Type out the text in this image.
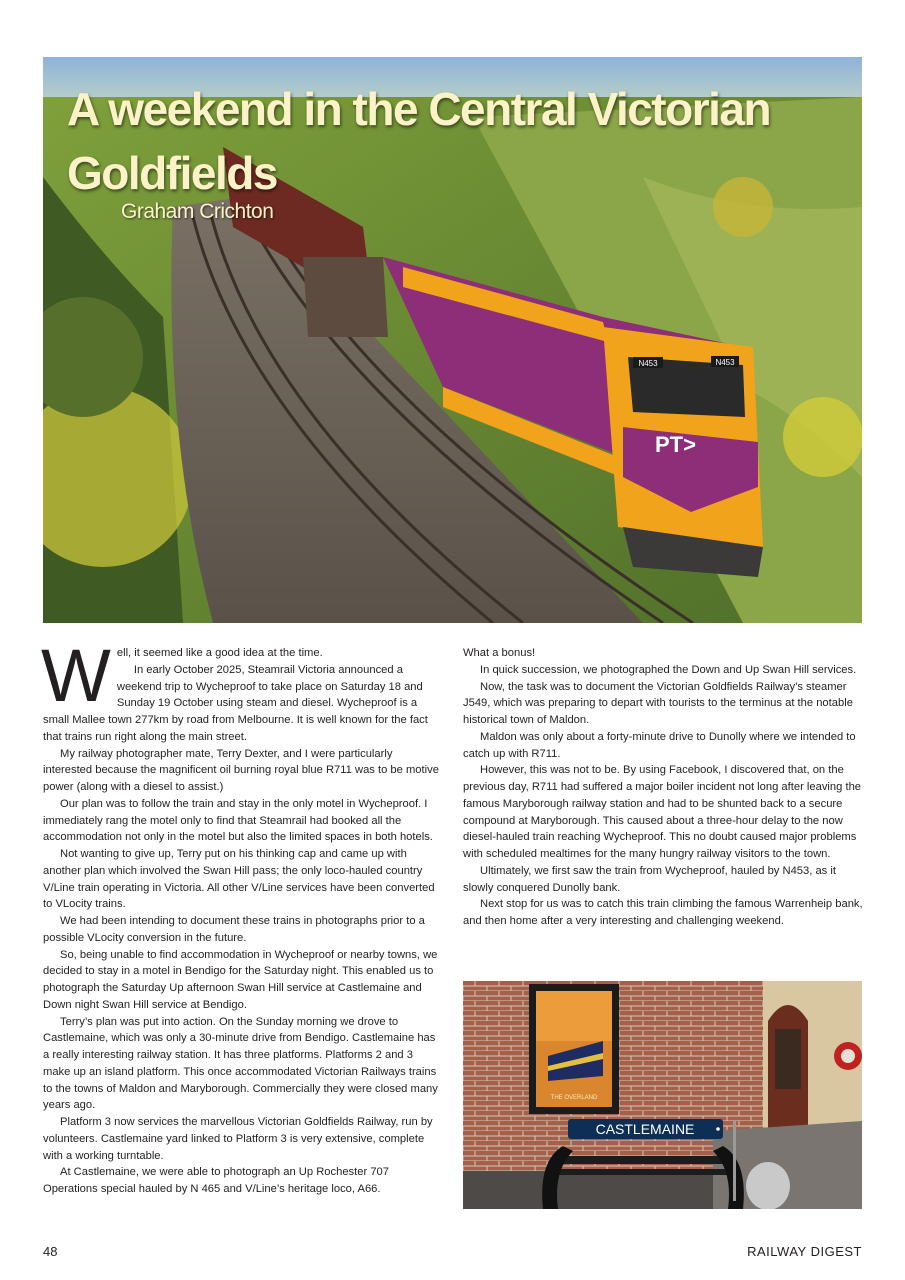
N453	N453
PT>
A weekend in the Central Victorian Goldfields
Graham Crichton

Well, it seemed like a good idea at the time.

In early October 2025, Steamrail Victoria announced a weekend trip to Wycheproof to take place on Saturday 18 and Sunday 19 October using steam and diesel. Wycheproof is a small Mallee town 277km by road from Melbourne. It is well known for the fact that trains run right along the main street.

My railway photographer mate, Terry Dexter, and I were particularly interested because the magnificent oil burning royal blue R711 was to be motive power (along with a diesel to assist.)

Our plan was to follow the train and stay in the only motel in Wycheproof. I immediately rang the motel only to find that Steamrail had booked all the accommodation not only in the motel but also the limited spaces in both hotels.

Not wanting to give up, Terry put on his thinking cap and came up with another plan which involved the Swan Hill pass; the only loco-hauled country V/Line train operating in Victoria. All other V/Line services have been converted to VLocity trains.

We had been intending to document these trains in photographs prior to a possible VLocity conversion in the future.

So, being unable to find accommodation in Wycheproof or nearby towns, we decided to stay in a motel in Bendigo for the Saturday night. This enabled us to photograph the Saturday Up afternoon Swan Hill service at Castlemaine and Down night Swan Hill service at Bendigo.

Terry’s plan was put into action. On the Sunday morning we drove to Castlemaine, which was only a 30-minute drive from Bendigo. Castlemaine has a really interesting railway station. It has three platforms. Platforms 2 and 3 make up an island platform. This once accommodated Victorian Railways trains to the towns of Maldon and Maryborough. Commercially they were closed many years ago.

Platform 3 now services the marvellous Victorian Goldfields Railway, run by volunteers. Castlemaine yard linked to Platform 3 is very extensive, complete with a working turntable.

At Castlemaine, we were able to photograph an Up Rochester 707 Operations special hauled by N 465 and V/Line’s heritage loco, A66.

What a bonus!

In quick succession, we photographed the Down and Up Swan Hill services.

Now, the task was to document the Victorian Goldfields Railway’s steamer J549, which was preparing to depart with tourists to the terminus at the notable historical town of Maldon.

Maldon was only about a forty-minute drive to Dunolly where we intended to catch up with R711.

However, this was not to be. By using Facebook, I discovered that, on the previous day, R711 had suffered a major boiler incident not long after leaving the famous Maryborough railway station and had to be shunted back to a secure compound at Maryborough. This caused about a three-hour delay to the now diesel-hauled train reaching Wycheproof. This no doubt caused major problems with scheduled mealtimes for the many hungry railway visitors to the town.

Ultimately, we first saw the train from Wycheproof, hauled by N453, as it slowly conquered Dunolly bank.

Next stop for us was to catch this train climbing the famous Warrenheip bank, and then home after a very interesting and challenging weekend.

THE OVERLAND
CASTLEMAINE
48	RAILWAY DIGEST
